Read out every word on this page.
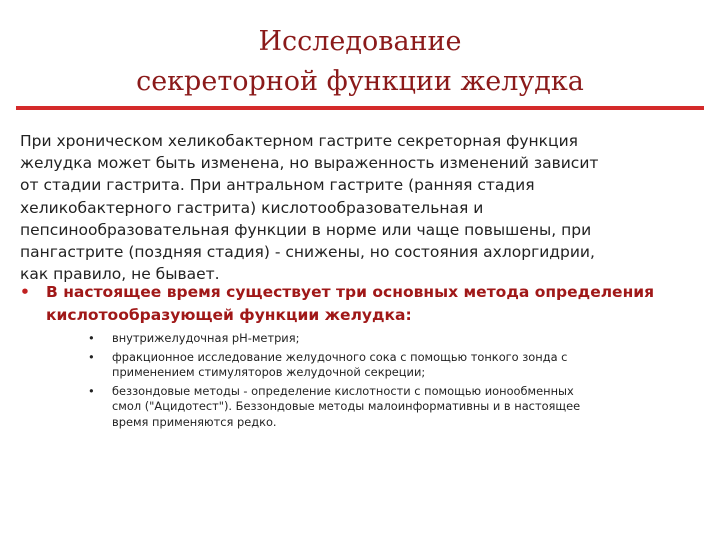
Исследование
секреторной функции желудка
При хроническом хеликобактерном гастрите секреторная функция
желудка может быть изменена, но выраженность изменений зависит
от стадии гастрита. При антральном гастрите (ранняя стадия
хеликобактерного гастрита) кислотообразовательная и
пепсинообразовательная функции в норме или чаще повышены, при
пангастрите (поздняя стадия) - снижены, но состояния ахлоргидрии,
как правило, не бывает.
• В настоящее время существует три основных метода определения
кислотообразующей функции желудка:
• внутрижелудочная pH-метрия;
• фракционное исследование желудочного сока с помощью тонкого зонда с
применением стимуляторов желудочной секреции;
• беззондовые методы - определение кислотности с помощью ионообменных
смол ("Ацидотест"). Беззондовые методы малоинформативны и в настоящее
время применяются редко.
